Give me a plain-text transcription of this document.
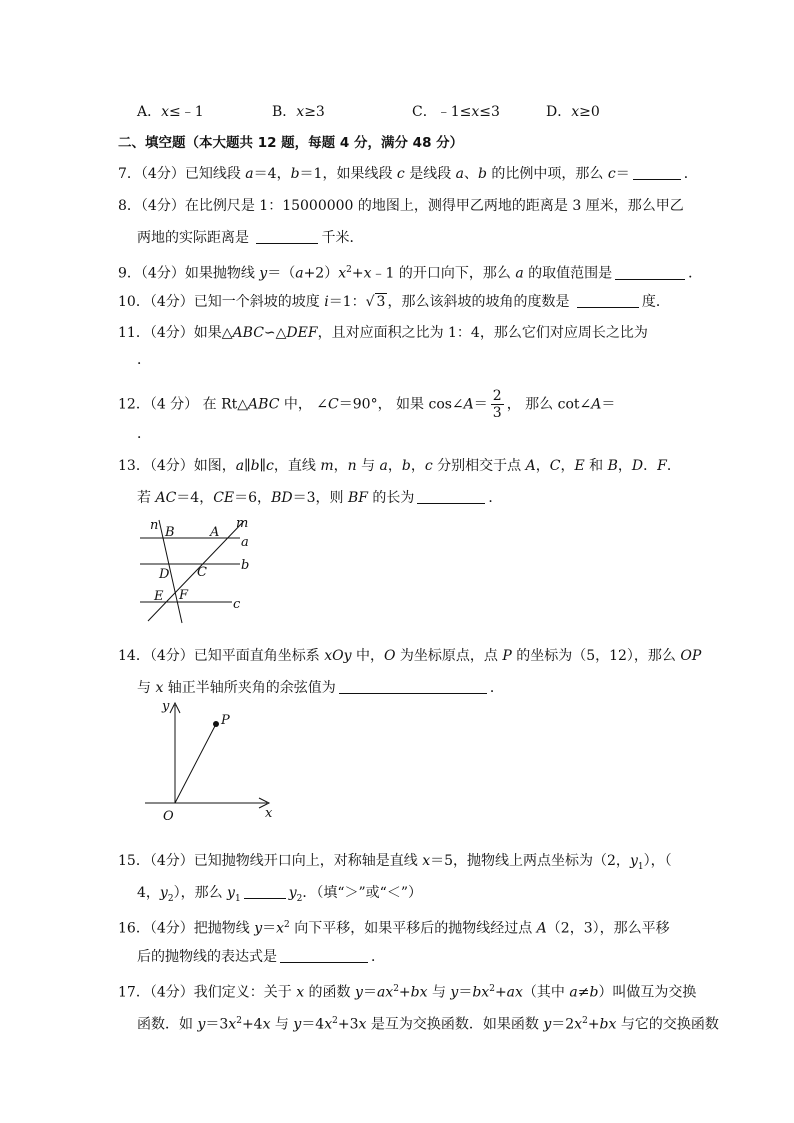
A．x≤﹣1	B．x≥3	C．﹣1≤x≤3	D．x≥0
二、填空题（本大题共 12 题，每题 4 分，满分 48 分）
7．（4分）已知线段 a＝4，b＝1，如果线段 c 是线段 a、b 的比例中项，那么 c＝	．
8．（4分）在比例尺是 1：15000000 的地图上，测得甲乙两地的距离是 3 厘米，那么甲乙
两地的实际距离是	千米．
9．（4分）如果抛物线 $y=(a+2)x^2+x﹣1$ 的开口向下，那么 a 的取值范围是	．
10．（4分）已知一个斜坡的坡度 i＝1：√ 3 ，那么该斜坡的坡角的度数是	度．
11．（4分）如果△ABC∽△DEF，且对应面积之比为 1：4，那么它们对应周长之比为
．
12．（4 分） 在 Rt△ABC 中， ∠C＝90°， 如果 cos∠A＝ $\frac{2}{3}$ ， 那么 cot∠A＝
．
13．（4分）如图，a∥b∥c，直线 m，n 与 a，b，c 分别相交于点 A，C，E 和 B，D．F．
若 AC＝4，CE＝6，BD＝3，则 BF 的长为	．
n B	A
m
a
b
D C
E F
c
14．（4分）已知平面直角坐标系 xOy 中，O 为坐标原点，点 P 的坐标为（5，12），那么 OP
与 x 轴正半轴所夹角的余弦值为	．
y
x
O
P
15．（4分）已知抛物线开口向上，对称轴是直线 x＝5，抛物线上两点坐标为（2，$y_1$），（
4，$y_2$），那么 $y_1$	$y_2$．（填“＞”或“＜”）
16．（4分）把抛物线 $y=x^2$ 向下平移，如果平移后的抛物线经过点 A（2，3），那么平移
后的抛物线的表达式是	．
17．（4分）我们定义：关于 x 的函数 $y=ax^2+bx$ 与 $y=bx^2+ax$（其中 a≠b）叫做互为交换
函数．如 $y=3x^2+4x$ 与 $y=4x^2+3x$ 是互为交换函数．如果函数 $y=2x^2+bx$ 与它的交换函数
